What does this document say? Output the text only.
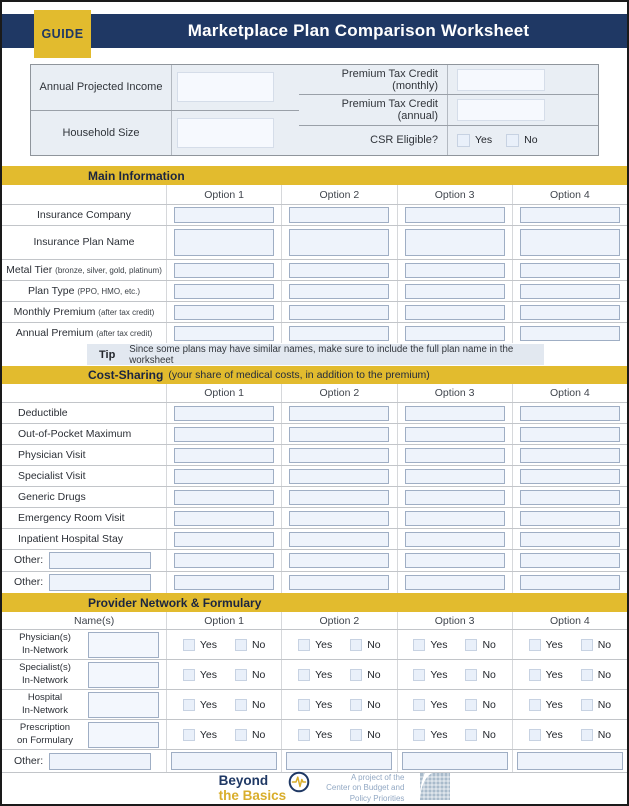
Marketplace Plan Comparison Worksheet
GUIDE
Annual Projected Income
Household Size
Premium Tax Credit (monthly)
Premium Tax Credit (annual)
CSR Eligible?	Yes	No
Main Information
Option 1	Option 2	Option 3	Option 4
Insurance Company
Insurance Plan Name
Metal Tier (bronze, silver, gold, platinum)
Plan Type (PPO, HMO, etc.)
Monthly Premium (after tax credit)
Annual Premium (after tax credit)
Tip Since some plans may have similar names, make sure to include the full plan name in the worksheet
Cost-Sharing (your share of medical costs, in addition to the premium)
Option 1	Option 2	Option 3	Option 4
Deductible
Out-of-Pocket Maximum
Physician Visit
Specialist Visit
Generic Drugs
Emergency Room Visit
Inpatient Hospital Stay
Other:
Other:
Provider Network & Formulary
Name(s)	Option 1	Option 2	Option 3	Option 4
Physician(s)
In-Network	Yes	No	Yes	No	Yes	No	Yes	No
Specialist(s)
In-Network	Yes	No	Yes	No	Yes	No	Yes	No
Hospital
In-Network	Yes	No	Yes	No	Yes	No	Yes	No
Prescription
on Formulary	Yes	No	Yes	No	Yes	No	Yes	No
Other:
Beyond
the Basics
A project of the
Center on Budget and
Policy Priorities
